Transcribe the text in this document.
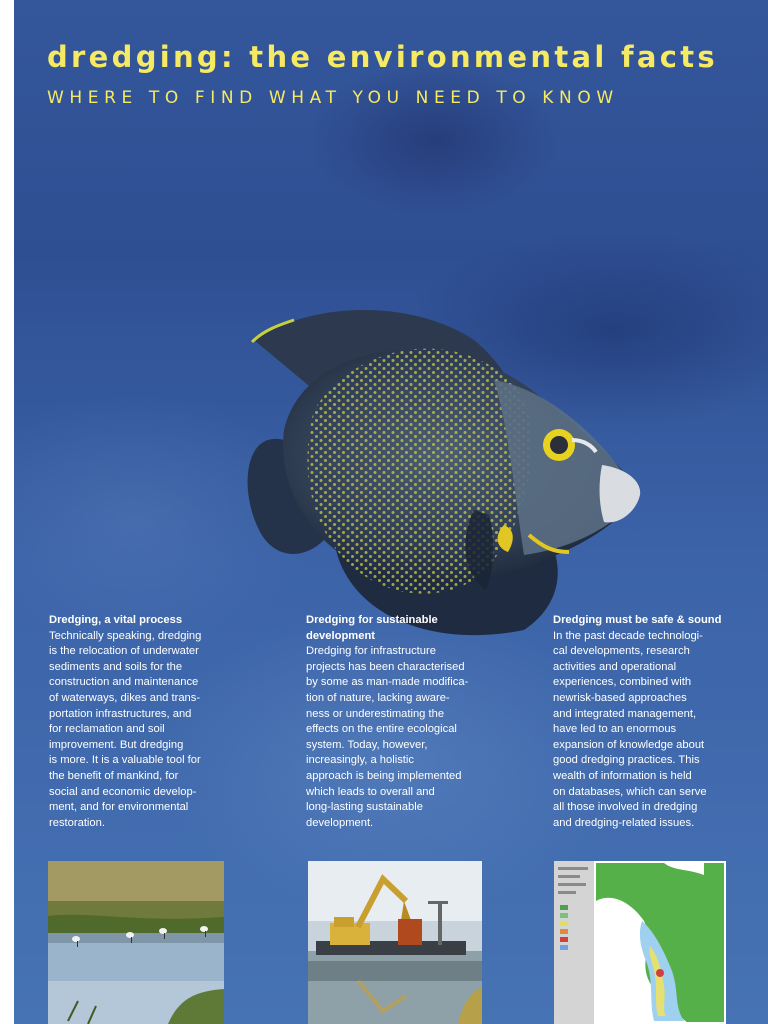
dredging: the environmental facts
WHERE TO FIND WHAT YOU NEED TO KNOW
Dredging, a vital process

Technically speaking, dredging
is the relocation of underwater
sediments and soils for the
construction and maintenance
of waterways, dikes and trans-
portation infrastructures, and
for reclamation and soil
improvement. But dredging
is more. It is a valuable tool for
the benefit of mankind, for
social and economic develop-
ment, and for environmental
restoration.

Dredging for sustainable
development

Dredging for infrastructure
projects has been characterised
by some as man-made modifica-
tion of nature, lacking aware-
ness or underestimating the
effects on the entire ecological
system. Today, however,
increasingly, a holistic
approach is being implemented
which leads to overall and
long-lasting sustainable
development.

Dredging must be safe & sound

In the past decade technologi-
cal developments, research
activities and operational
experiences, combined with
newrisk-based approaches
and integrated management,
have led to an enormous
expansion of knowledge about
good dredging practices. This
wealth of information is held
on databases, which can serve
all those involved in dredging
and dredging-related issues.
